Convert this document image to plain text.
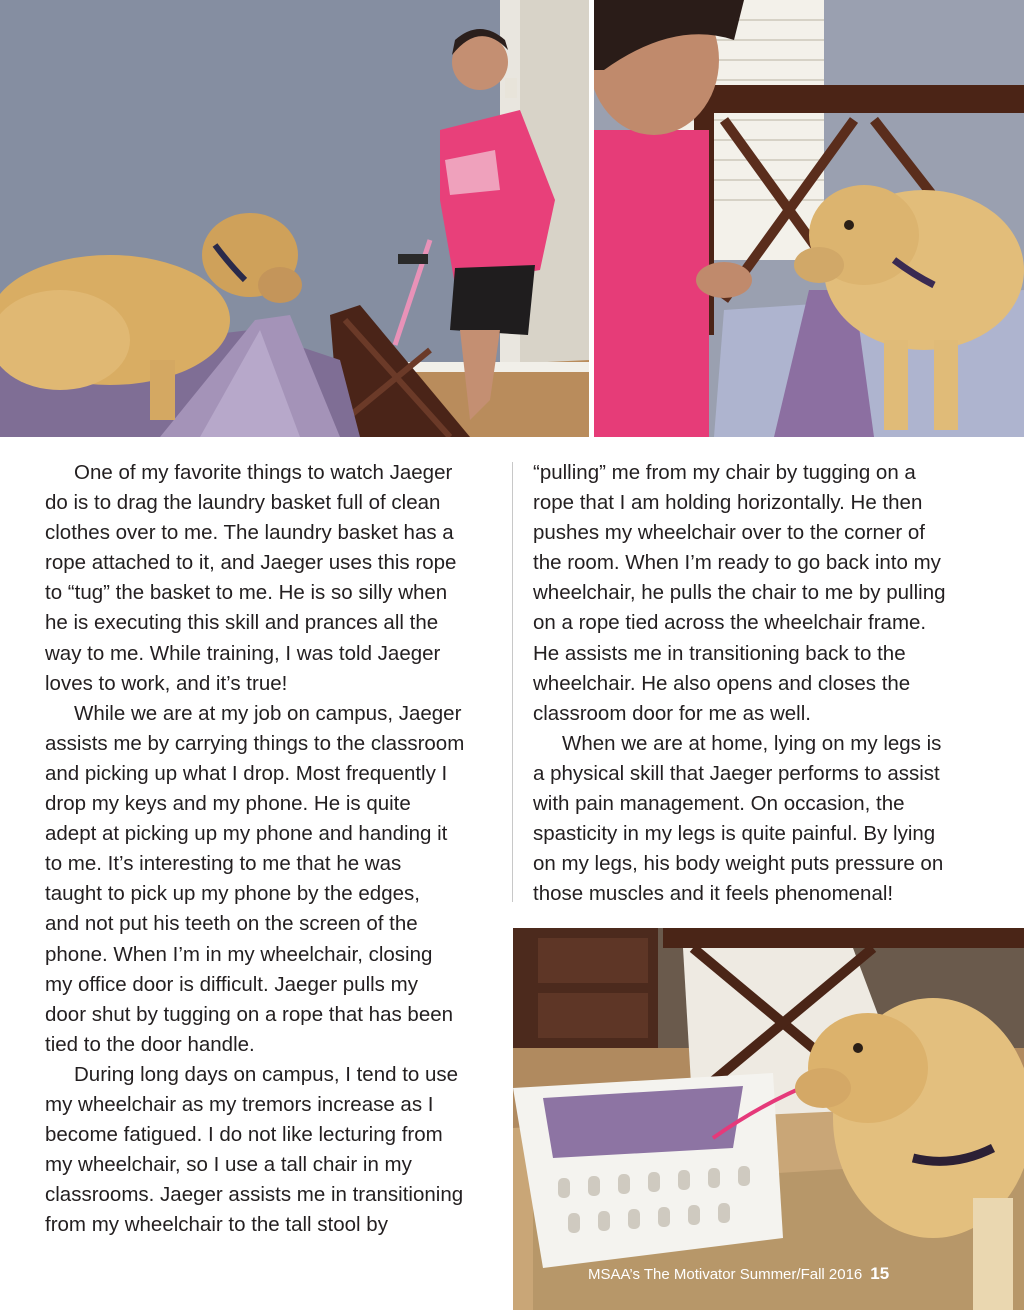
One of my favorite things to watch Jaeger

do is to drag the laundry basket full of clean
clothes over to me. The laundry basket has a
rope attached to it, and Jaeger uses this rope
to “tug” the basket to me. He is so silly when
he is executing this skill and prances all the
way to me. While training, I was told Jaeger
loves to work, and it’s true!

While we are at my job on campus, Jaeger

assists me by carrying things to the classroom
and picking up what I drop. Most frequently I
drop my keys and my phone. He is quite
adept at picking up my phone and handing it
to me. It’s interesting to me that he was
taught to pick up my phone by the edges,
and not put his teeth on the screen of the
phone. When I’m in my wheelchair, closing
my office door is difficult. Jaeger pulls my
door shut by tugging on a rope that has been
tied to the door handle.

During long days on campus, I tend to use

my wheelchair as my tremors increase as I
become fatigued. I do not like lecturing from
my wheelchair, so I use a tall chair in my
classrooms. Jaeger assists me in transitioning
from my wheelchair to the tall stool by

“pulling” me from my chair by tugging on a
rope that I am holding horizontally. He then
pushes my wheelchair over to the corner of
the room. When I’m ready to go back into my
wheelchair, he pulls the chair to me by pulling
on a rope tied across the wheelchair frame.
He assists me in transitioning back to the
wheelchair. He also opens and closes the
classroom door for me as well.

When we are at home, lying on my legs is

a physical skill that Jaeger performs to assist
with pain management. On occasion, the
spasticity in my legs is quite painful. By lying
on my legs, his body weight puts pressure on
those muscles and it feels phenomenal!

MSAA’s The Motivator Summer/Fall 2016 15
